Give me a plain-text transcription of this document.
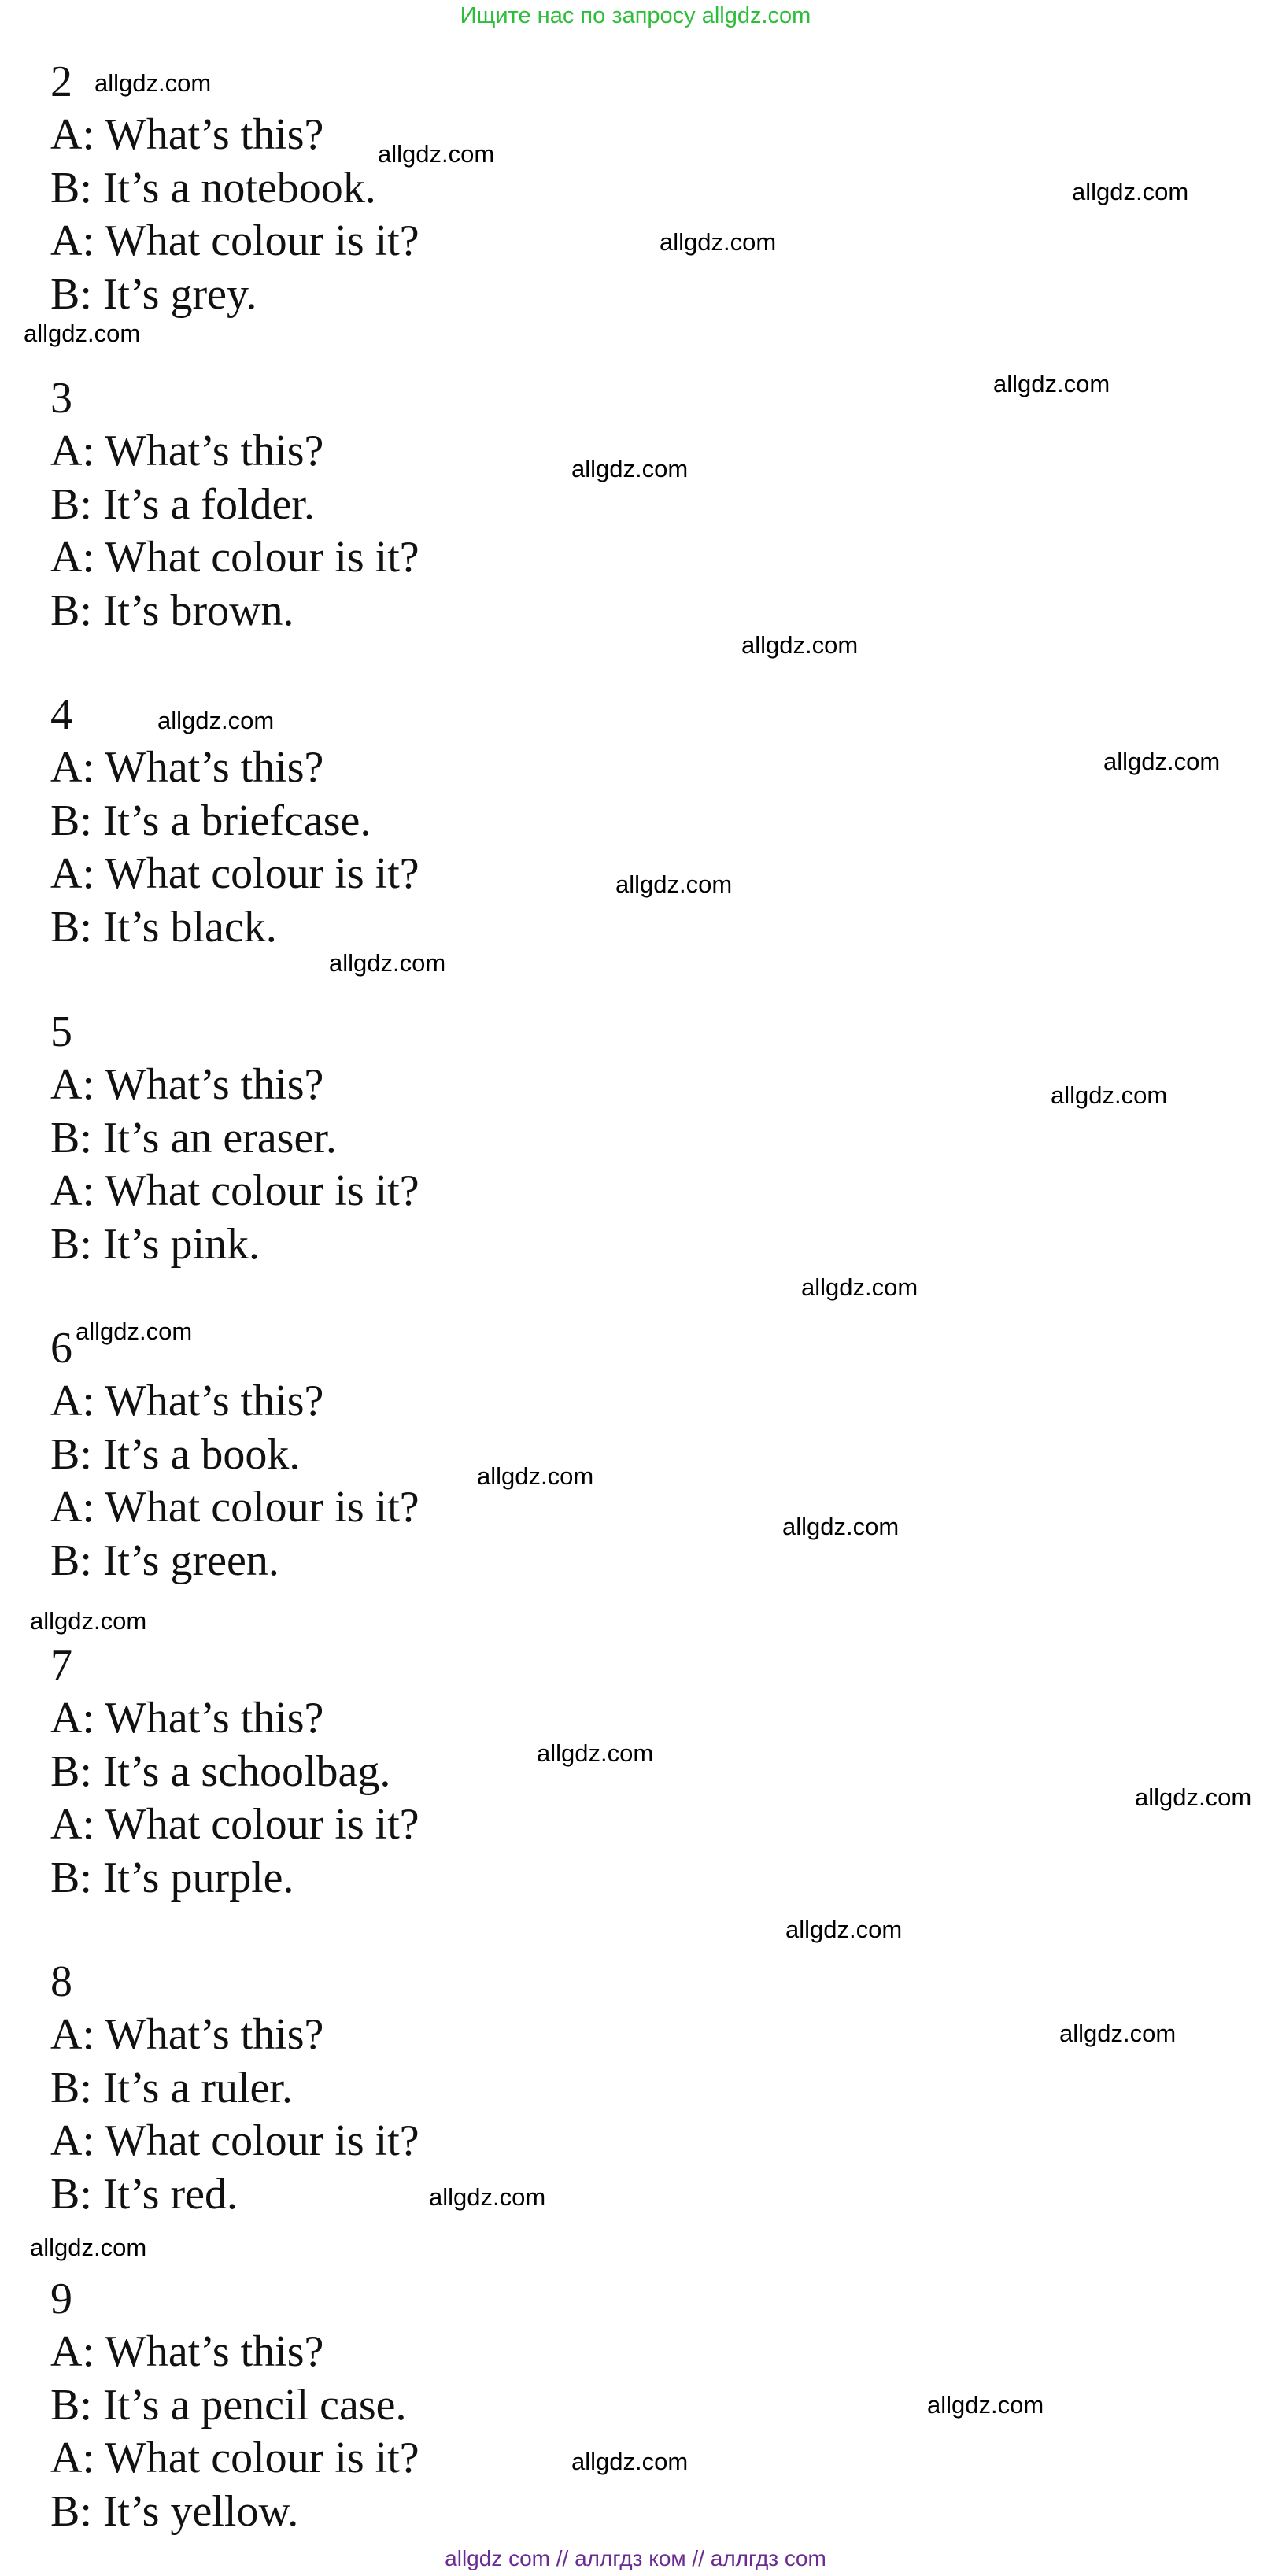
Ищите нас по запросу allgdz.com
2
A: What’s this?
B: It’s a notebook.
A: What colour is it?
B: It’s grey.
3
A: What’s this?
B: It’s a folder.
A: What colour is it?
B: It’s brown.
4
A: What’s this?
B: It’s a briefcase.
A: What colour is it?
B: It’s black.
5
A: What’s this?
B: It’s an eraser.
A: What colour is it?
B: It’s pink.
6
A: What’s this?
B: It’s a book.
A: What colour is it?
B: It’s green.
7
A: What’s this?
B: It’s a schoolbag.
A: What colour is it?
B: It’s purple.
8
A: What’s this?
B: It’s a ruler.
A: What colour is it?
B: It’s red.
9
A: What’s this?
B: It’s a pencil case.
A: What colour is it?
B: It’s yellow.
allgdz.com
allgdz.com
allgdz.com
allgdz.com
allgdz.com
allgdz.com
allgdz.com
allgdz.com
allgdz.com
allgdz.com
allgdz.com
allgdz.com
allgdz.com
allgdz.com
allgdz.com
allgdz.com
allgdz.com
allgdz.com
allgdz.com
allgdz.com
allgdz.com
allgdz.com
allgdz.com
allgdz.com
allgdz.com
allgdz.com
allgdz com // аллгдз ком // аллгдз com
